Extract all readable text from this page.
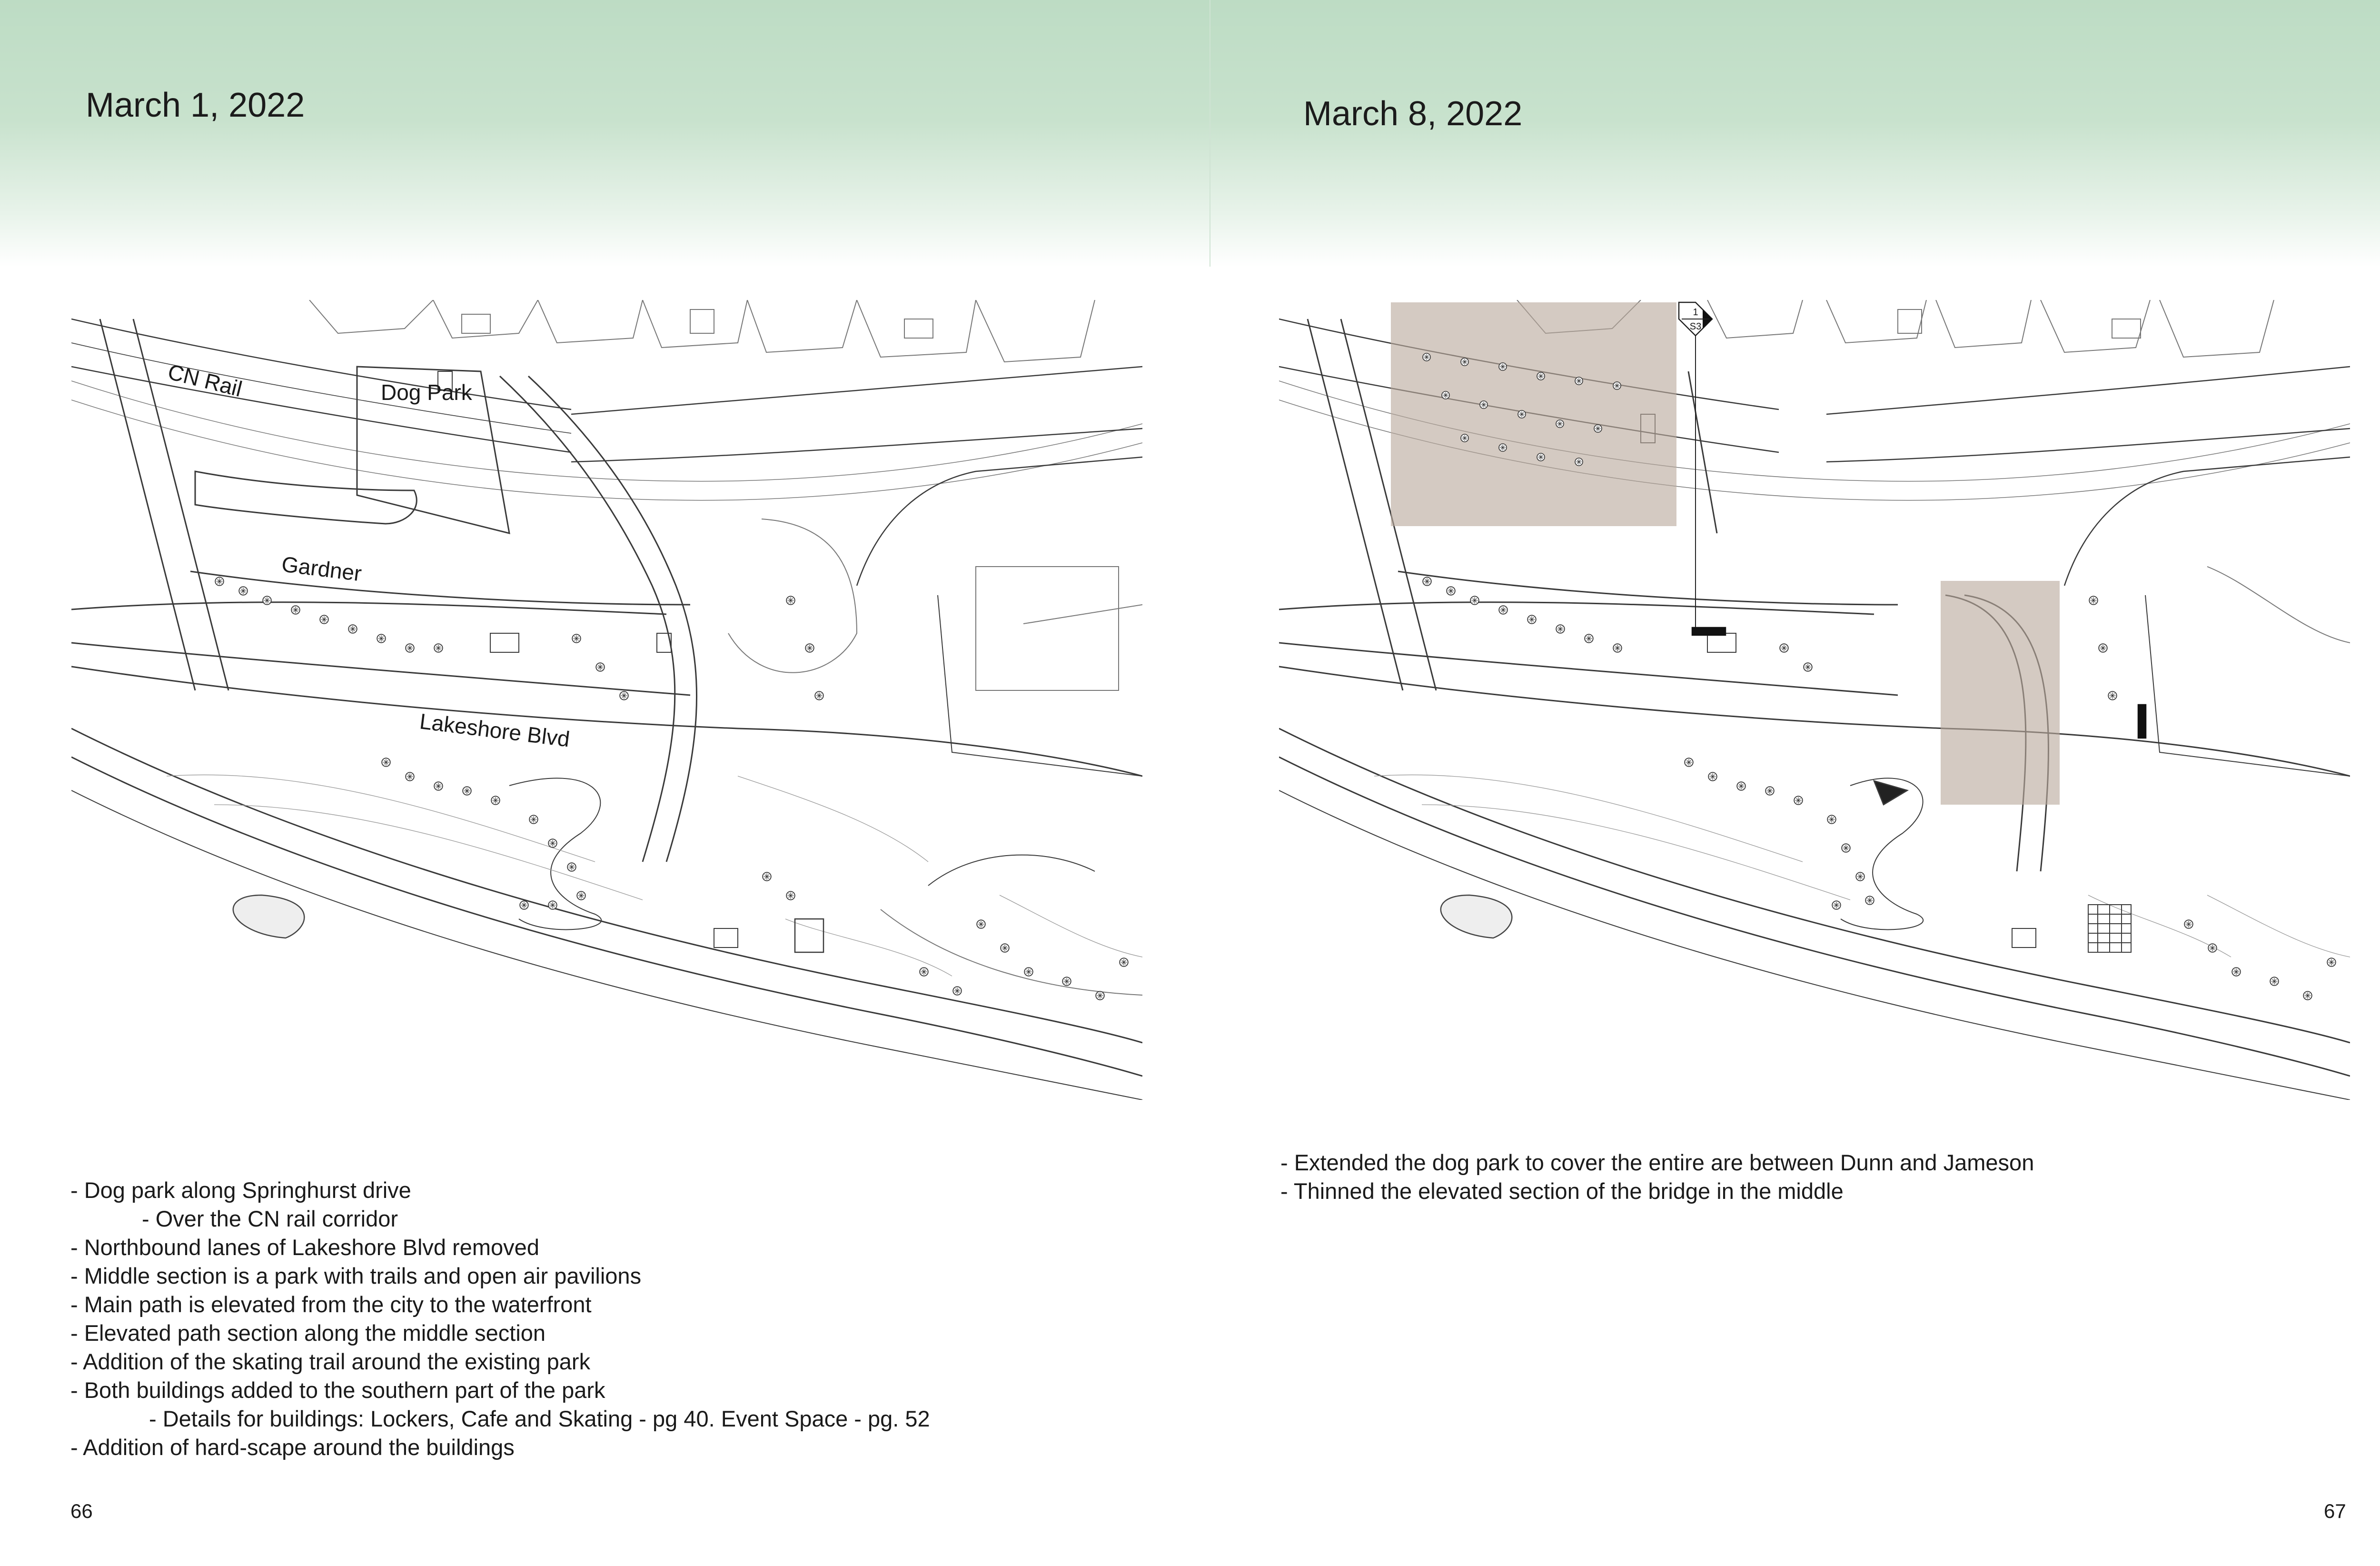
March 1, 2022
CN Rail	Dog Park
Gardner
Lakeshore Blvd
- Dog park along Springhurst drive
- Over the CN rail corridor
- Northbound lanes of Lakeshore Blvd removed
- Middle section is a park with trails and open air pavilions
- Main path is elevated from the city to the waterfront
- Elevated path section along the middle section
- Addition of the skating trail around the existing park
- Both buildings added to the southern part of the park
- Details for buildings: Lockers, Cafe and Skating - pg 40. Event Space - pg. 52
- Addition of hard-scape around the buildings
66
March 8, 2022
1
S3
- Extended the dog park to cover the entire are between Dunn and Jameson
- Thinned the elevated section of the bridge in the middle
67
